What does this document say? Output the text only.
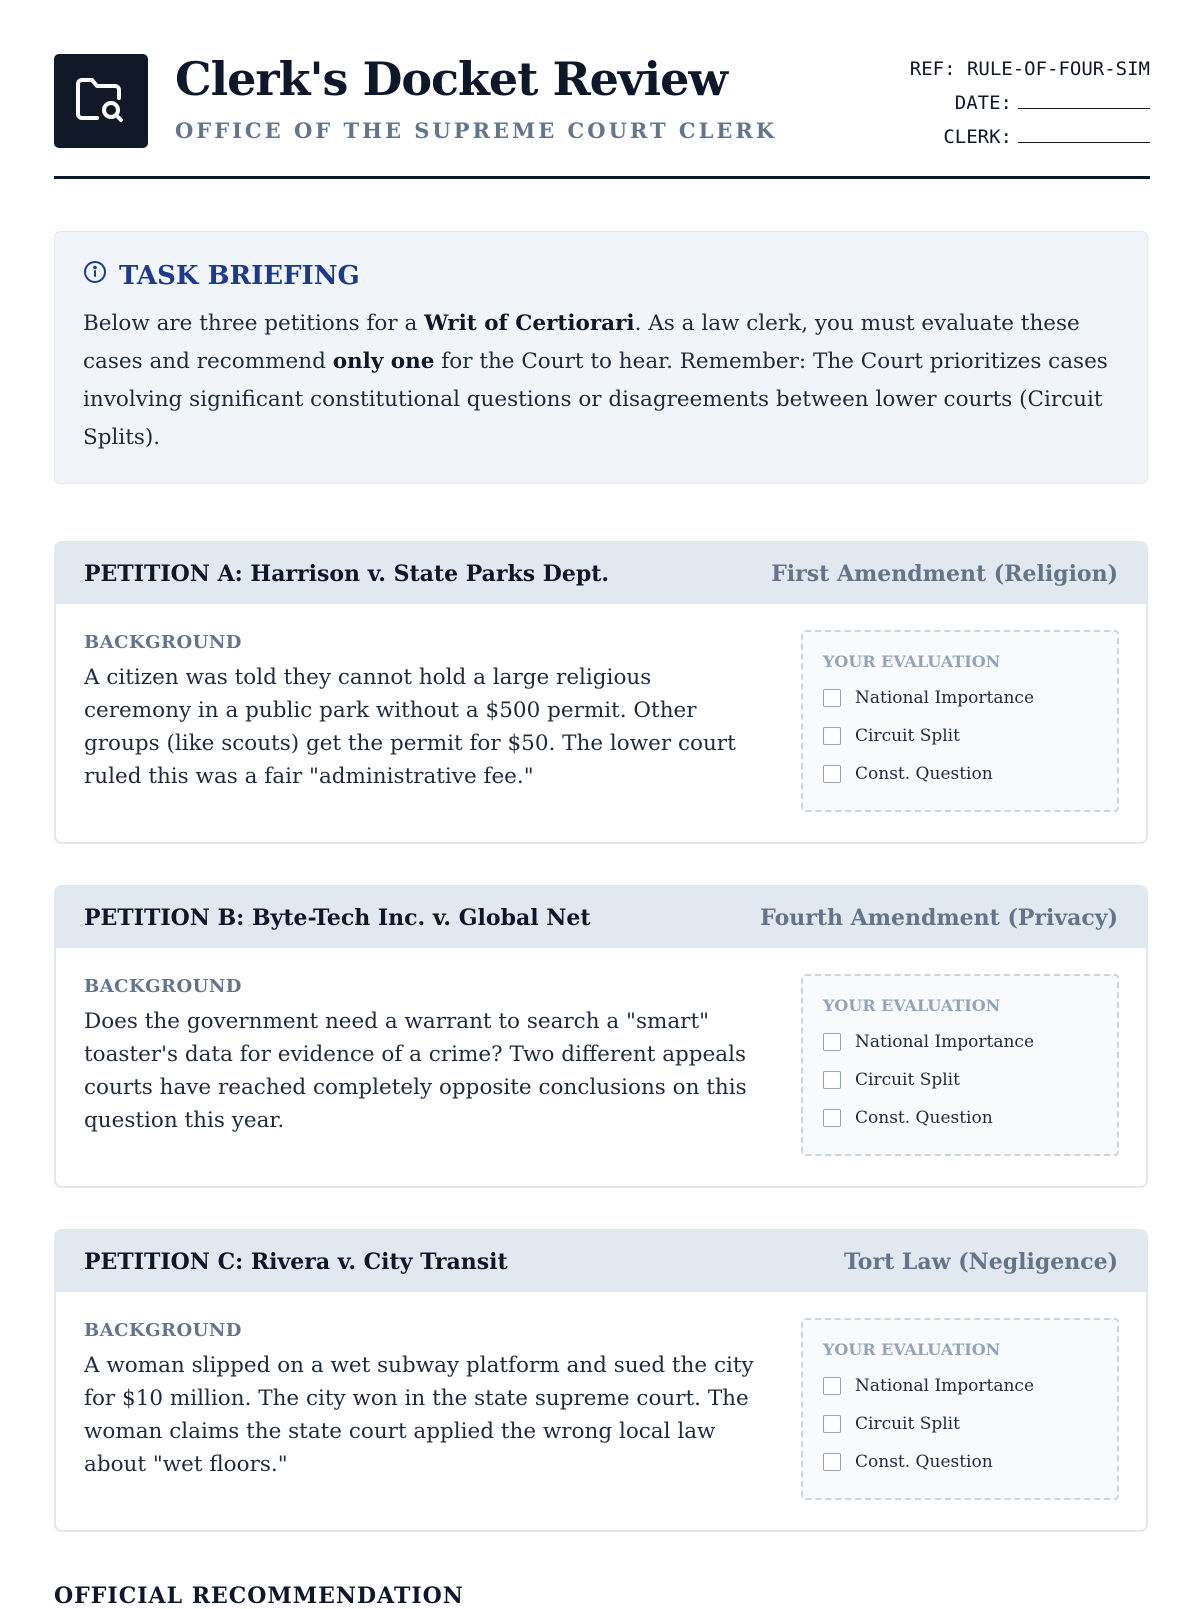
Clerk's Docket Review
OFFICE OF THE SUPREME COURT CLERK
REF: RULE-OF-FOUR-SIM
DATE:
CLERK:
TASK BRIEFING
Below are three petitions for a Writ of Certiorari. As a law clerk, you must evaluate these cases and recommend only one for the Court to hear. Remember: The Court prioritizes cases involving significant constitutional questions or disagreements between lower courts (Circuit Splits).
PETITION A: Harrison v. State Parks Dept.	First Amendment (Religion)
BACKGROUND
A citizen was told they cannot hold a large religious ceremony in a public park without a $500 permit. Other groups (like scouts) get the permit for $50. The lower court ruled this was a fair "administrative fee."
YOUR EVALUATION
National Importance
Circuit Split
Const. Question
PETITION B: Byte-Tech Inc. v. Global Net	Fourth Amendment (Privacy)
BACKGROUND
Does the government need a warrant to search a "smart" toaster's data for evidence of a crime? Two different appeals courts have reached completely opposite conclusions on this question this year.
YOUR EVALUATION
National Importance
Circuit Split
Const. Question
PETITION C: Rivera v. City Transit	Tort Law (Negligence)
BACKGROUND
A woman slipped on a wet subway platform and sued the city for $10 million. The city won in the state supreme court. The woman claims the state court applied the wrong local law about "wet floors."
YOUR EVALUATION
National Importance
Circuit Split
Const. Question
OFFICIAL RECOMMENDATION
